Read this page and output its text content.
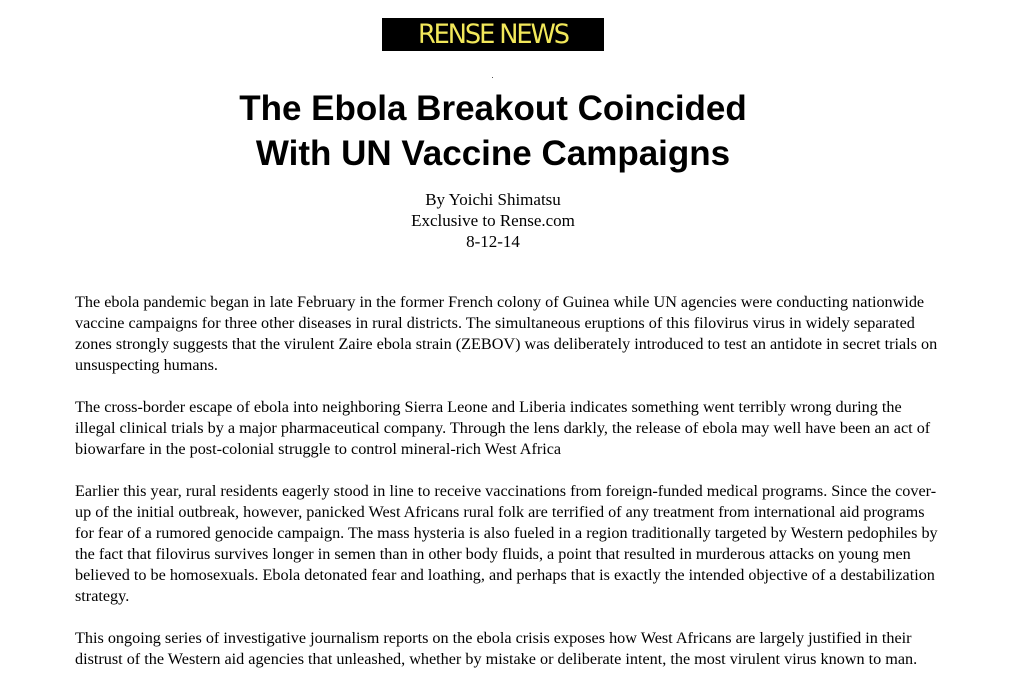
RENSE NEWS
The Ebola Breakout Coincided
With UN Vaccine Campaigns
By Yoichi Shimatsu
Exclusive to Rense.com
8-12-14

The ebola pandemic began in late February in the former French colony of Guinea while UN agencies were conducting nationwide vaccine campaigns for three other diseases in rural districts. The simultaneous eruptions of this filovirus virus in widely separated zones strongly suggests that the virulent Zaire ebola strain (ZEBOV) was deliberately introduced to test an antidote in secret trials on unsuspecting humans.

The cross-border escape of ebola into neighboring Sierra Leone and Liberia indicates something went terribly wrong during the illegal clinical trials by a major pharmaceutical company. Through the lens darkly, the release of ebola may well have been an act of biowarfare in the post-colonial struggle to control mineral-rich West Africa

Earlier this year, rural residents eagerly stood in line to receive vaccinations from foreign-funded medical programs. Since the cover-up of the initial outbreak, however, panicked West Africans rural folk are terrified of any treatment from international aid programs for fear of a rumored genocide campaign. The mass hysteria is also fueled in a region traditionally targeted by Western pedophiles by the fact that filovirus survives longer in semen than in other body fluids, a point that resulted in murderous attacks on young men believed to be homosexuals. Ebola detonated fear and loathing, and perhaps that is exactly the intended objective of a destabilization strategy.

This ongoing series of investigative journalism reports on the ebola crisis exposes how West Africans are largely justified in their distrust of the Western aid agencies that unleashed, whether by mistake or deliberate intent, the most virulent virus known to man.
